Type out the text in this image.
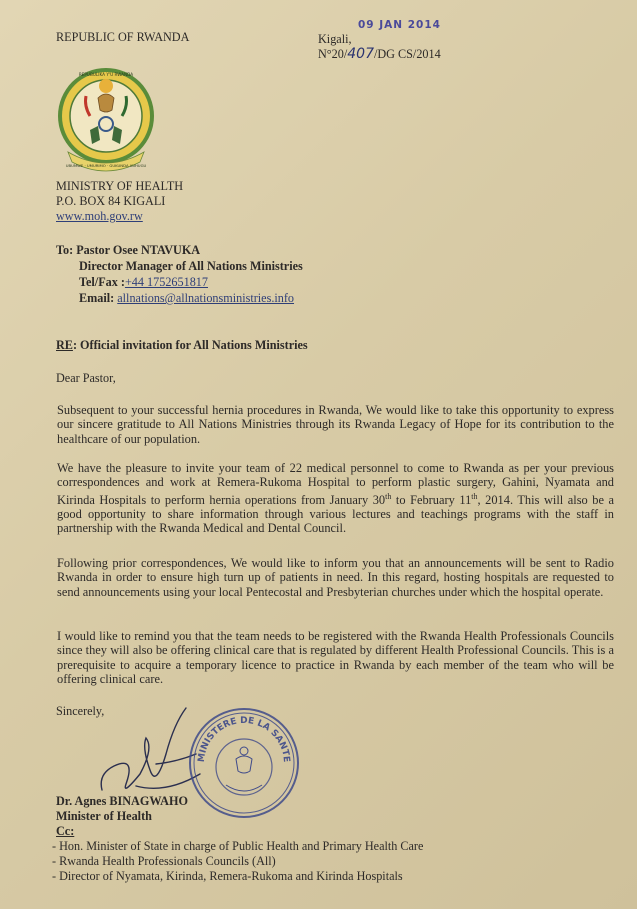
REPUBLIC OF RWANDA
REPUBULIKA Y'U RWANDA
UBUMWE · UMURIMO · GUKUNDA IGIHUGU
MINISTRY OF HEALTH
P.O. BOX 84 KIGALI
www.moh.gov.rw
09 JAN 2014
Kigali,
N°20/407/DG CS/2014
To: Pastor Osee NTAVUKA
Director Manager of All Nations Ministries
Tel/Fax :+44 1752651817
Email: allnations@allnationsministries.info
RE: Official invitation for All Nations Ministries
Dear Pastor,

Subsequent to your successful hernia procedures in Rwanda, We would like to take this opportunity to express our sincere gratitude to All Nations Ministries through its Rwanda Legacy of Hope for its contribution to the healthcare of our population.

We have the pleasure to invite your team of 22 medical personnel to come to Rwanda as per your previous correspondences and work at Remera-Rukoma Hospital to perform plastic surgery, Gahini, Nyamata and Kirinda Hospitals to perform hernia operations from January 30th to February 11th, 2014. This will also be a good opportunity to share information through various lectures and teachings programs with the staff in partnership with the Rwanda Medical and Dental Council.

Following prior correspondences, We would like to inform you that an announcements will be sent to Radio Rwanda in order to ensure high turn up of patients in need. In this regard, hosting hospitals are requested to send announcements using your local Pentecostal and Presbyterian churches under which the hospital operate.

I would like to remind you that the team needs to be registered with the Rwanda Health Professionals Councils since they will also be offering clinical care that is regulated by different Health Professional Councils. This is a prerequisite to acquire a temporary licence to practice in Rwanda by each member of the team who will be offering clinical care.

Sincerely,
MINISTERE DE LA SANTE
Dr. Agnes BINAGWAHO
Minister of Health
Cc:
- Hon. Minister of State in charge of Public Health and Primary Health Care
- Rwanda Health Professionals Councils (All)
- Director of Nyamata, Kirinda, Remera-Rukoma and Kirinda Hospitals
